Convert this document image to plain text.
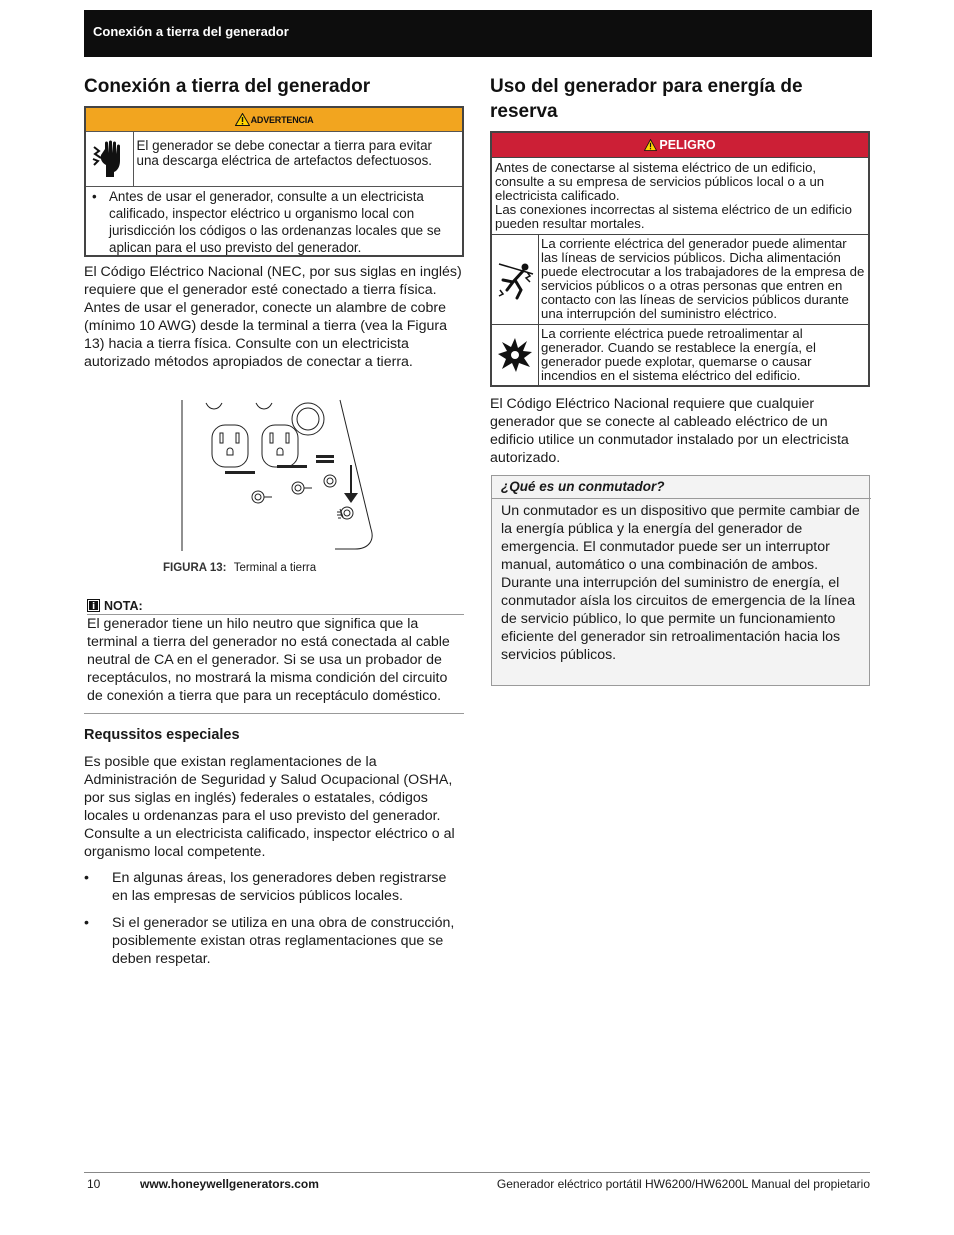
Conexión a tierra del generador
Conexión a tierra del generador
ADVERTENCIA
El generador se debe conectar a tierra para evitar una descarga eléctrica de artefactos defectuosos.
• Antes de usar el generador, consulte a un electricista calificado, inspector eléctrico u organismo local con jurisdicción los códigos o las ordenanzas locales que se aplican para el uso previsto del generador.

El Código Eléctrico Nacional (NEC, por sus siglas en inglés) requiere que el generador esté conectado a tierra física. Antes de usar el generador, conecte un alambre de cobre (mínimo 10 AWG) desde la terminal a tierra (vea la Figura 13) hacia a tierra física. Consulte con un electricista autorizado métodos apropiados de conectar a tierra.

FIGURA 13: Terminal a tierra
NOTA:

El generador tiene un hilo neutro que significa que la terminal a tierra del generador no está conectada al cable neutral de CA en el generador. Si se usa un probador de receptáculos, no mostrará la misma condición del circuito de conexión a tierra que para un receptáculo doméstico.

Requssitos especiales

Es posible que existan reglamentaciones de la Administración de Seguridad y Salud Ocupacional (OSHA, por sus siglas en inglés) federales o estatales, códigos locales u ordenanzas para el uso previsto del generador. Consulte a un electricista calificado, inspector eléctrico o al organismo local competente.

•	En algunas áreas, los generadores deben registrarse en las empresas de servicios públicos locales.
•	Si el generador se utiliza en una obra de construcción, posiblemente existan otras reglamentaciones que se deben respetar.
Uso del generador para energía de
reserva
PELIGRO
Antes de conectarse al sistema eléctrico de un edificio, consulte a su empresa de servicios públicos local o a un electricista calificado.
Las conexiones incorrectas al sistema eléctrico de un edificio pueden resultar mortales.
La corriente eléctrica del generador puede alimentar las líneas de servicios públicos. Dicha alimentación puede electrocutar a los trabajadores de la empresa de servicios públicos o a otras personas que entren en contacto con las líneas de servicios públicos durante una interrupción del suministro eléctrico.
La corriente eléctrica puede retroalimentar al generador. Cuando se restablece la energía, el generador puede explotar, quemarse o causar incendios en el sistema eléctrico del edificio.

El Código Eléctrico Nacional requiere que cualquier generador que se conecte al cableado eléctrico de un edificio utilice un conmutador instalado por un electricista autorizado.

¿Qué es un conmutador?

Un conmutador es un dispositivo que permite cambiar de la energía pública y la energía del generador de emergencia. El conmutador puede ser un interruptor manual, automático o una combinación de ambos. Durante una interrupción del suministro de energía, el conmutador aísla los circuitos de emergencia de la línea de servicio público, lo que permite un funcionamiento eficiente del generador sin retroalimentación hacia los servicios públicos.

10	www.honeywellgenerators.com	Generador eléctrico portátil HW6200/HW6200L Manual del propietario
